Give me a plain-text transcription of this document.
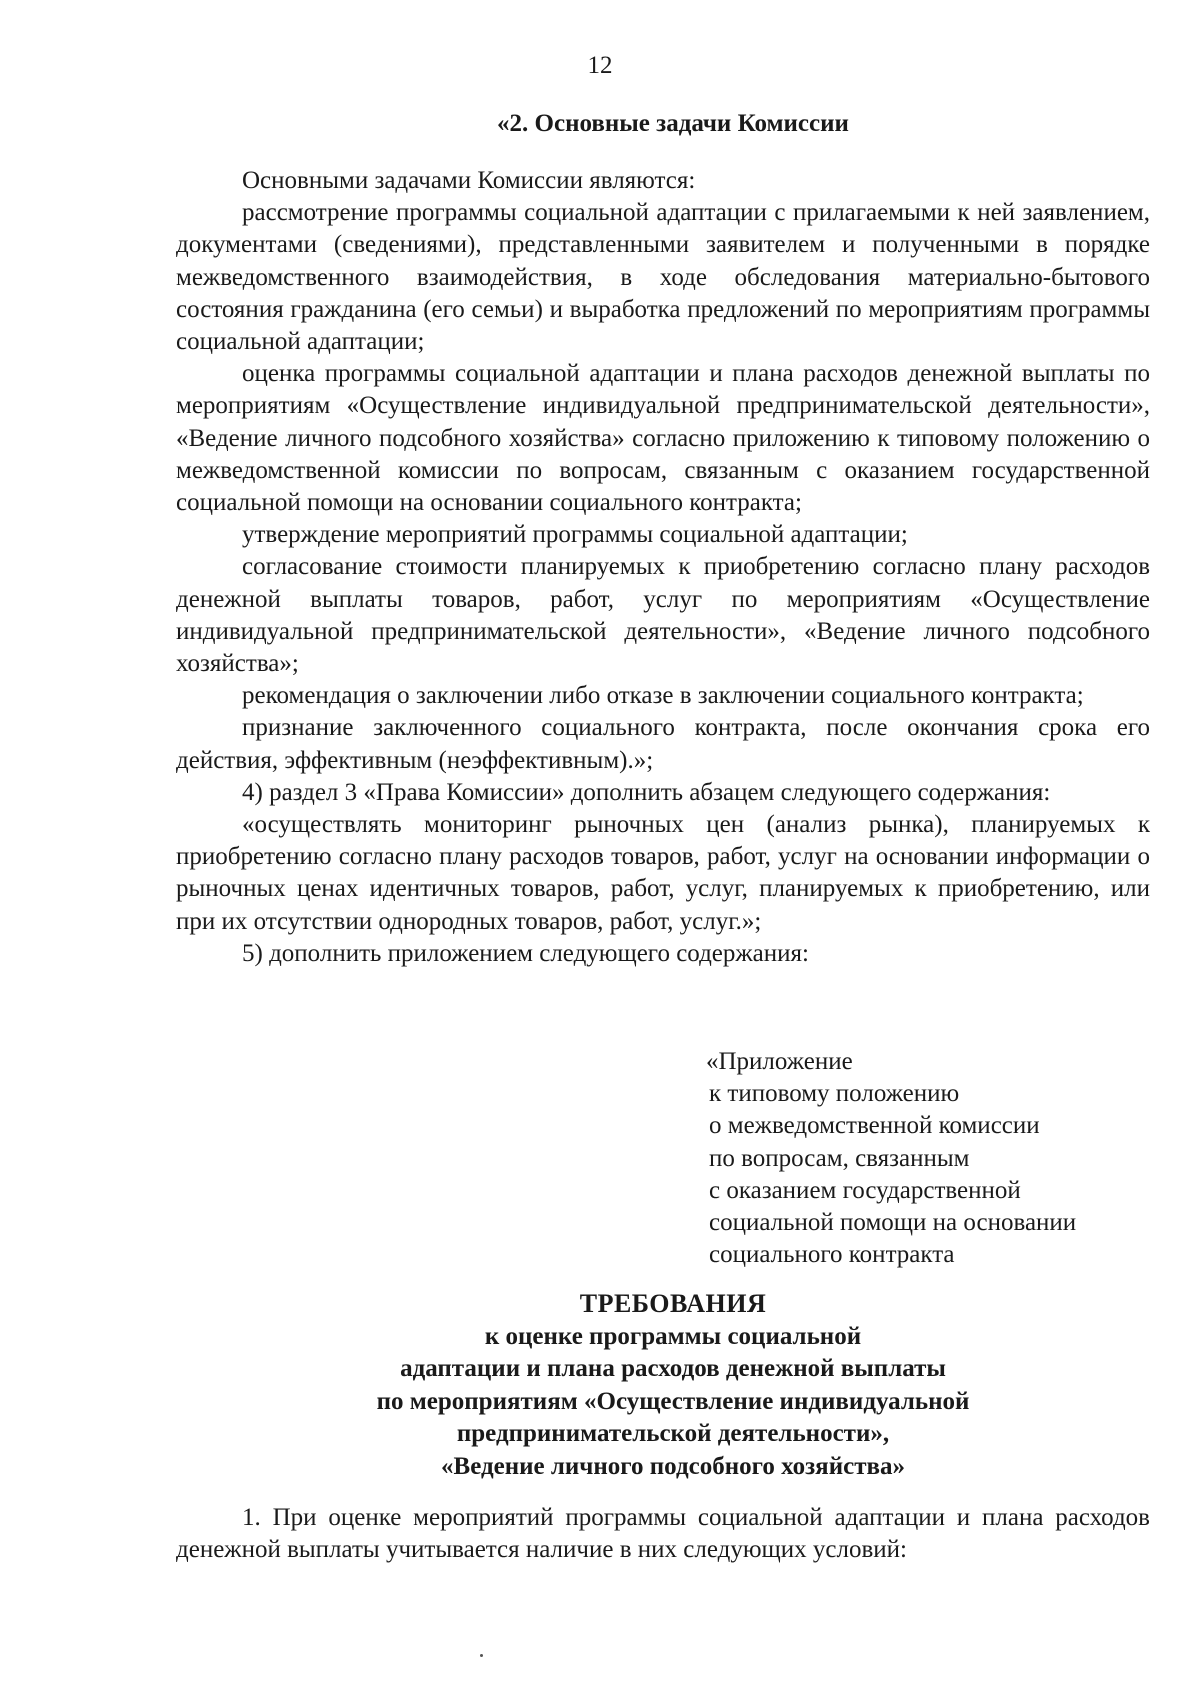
12
«2. Основные задачи Комиссии

Основными задачами Комиссии являются:

рассмотрение программы социальной адаптации с прилагаемыми к ней заявлением, документами (сведениями), представленными заявителем и полученными в порядке межведомственного взаимодействия, в ходе обследования материально-бытового состояния гражданина (его семьи) и выработка предложений по мероприятиям программы социальной адаптации;

оценка программы социальной адаптации и плана расходов денежной выплаты по мероприятиям «Осуществление индивидуальной предпринимательской деятельности», «Ведение личного подсобного хозяйства» согласно приложению к типовому положению о межведомственной комиссии по вопросам, связанным с оказанием государственной социальной помощи на основании социального контракта;

утверждение мероприятий программы социальной адаптации;

согласование стоимости планируемых к приобретению согласно плану расходов денежной выплаты товаров, работ, услуг по мероприятиям «Осуществление индивидуальной предпринимательской деятельности», «Ведение личного подсобного хозяйства»;

рекомендация о заключении либо отказе в заключении социального контракта;

признание заключенного социального контракта, после окончания срока его действия, эффективным (неэффективным).»;

4) раздел 3 «Права Комиссии» дополнить абзацем следующего содержания:

«осуществлять мониторинг рыночных цен (анализ рынка), планируемых к приобретению согласно плану расходов товаров, работ, услуг на основании информации о рыночных ценах идентичных товаров, работ, услуг, планируемых к приобретению, или при их отсутствии однородных товаров, работ, услуг.»;

5) дополнить приложением следующего содержания:

«Приложение
к типовому положению
о межведомственной комиссии
по вопросам, связанным
с оказанием государственной
социальной помощи на основании
социального контракта
ТРЕБОВАНИЯ
к оценке программы социальной
адаптации и плана расходов денежной выплаты
по мероприятиям «Осуществление индивидуальной
предпринимательской деятельности»,
«Ведение личного подсобного хозяйства»

1. При оценке мероприятий программы социальной адаптации и плана расходов денежной выплаты учитывается наличие в них следующих условий:
